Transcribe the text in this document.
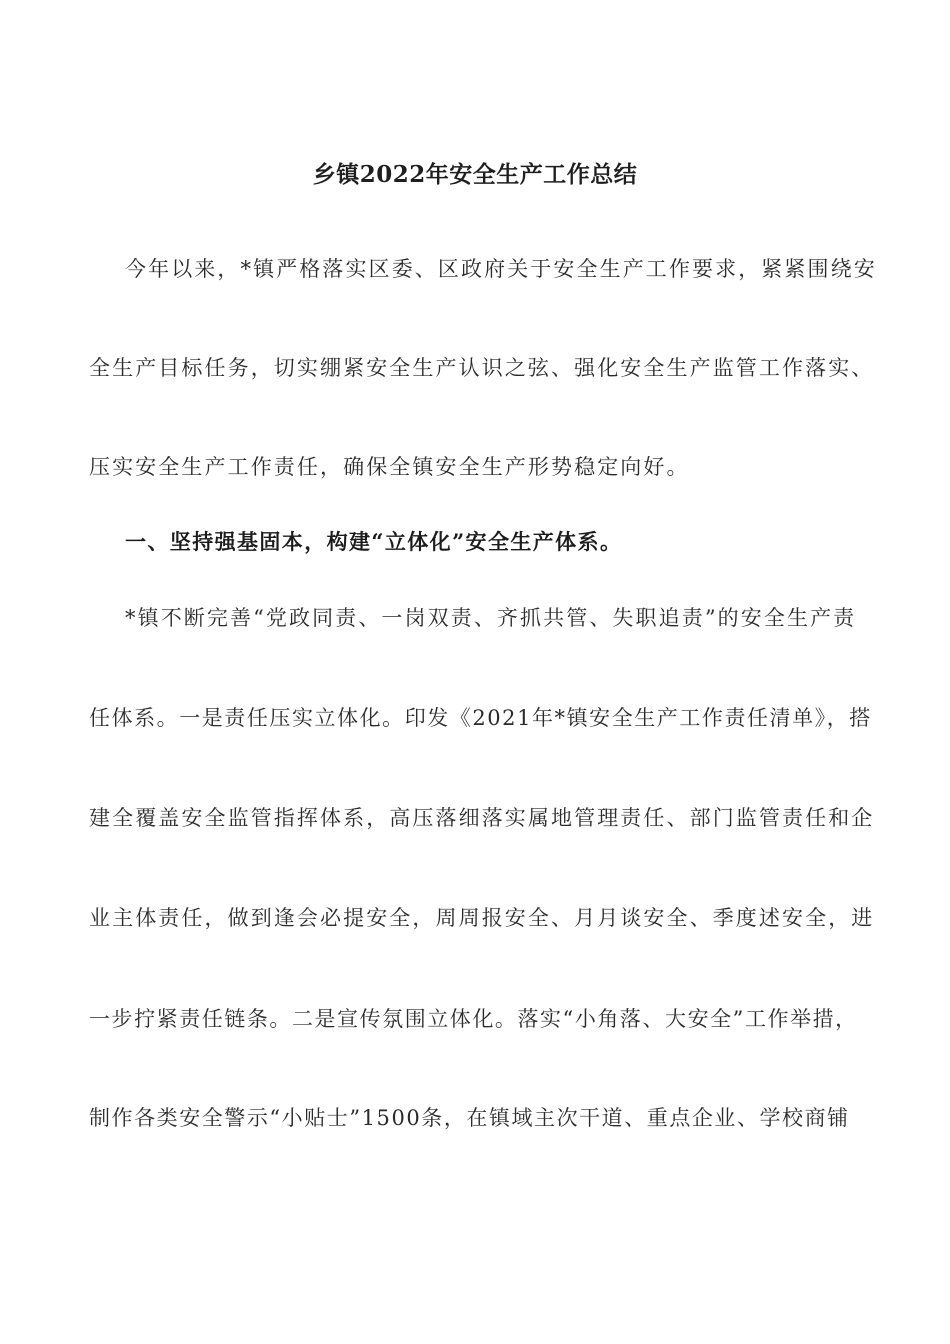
乡镇2022年安全生产工作总结
今年以来，*镇严格落实区委、区政府关于安全生产工作要求，紧紧围绕安
全生产目标任务，切实绷紧安全生产认识之弦、强化安全生产监管工作落实、
压实安全生产工作责任，确保全镇安全生产形势稳定向好。
一、坚持强基固本，构建“立体化”安全生产体系。
*镇不断完善“党政同责、一岗双责、齐抓共管、失职追责”的安全生产责
任体系。一是责任压实立体化。印发《2021年*镇安全生产工作责任清单》，搭
建全覆盖安全监管指挥体系，高压落细落实属地管理责任、部门监管责任和企
业主体责任，做到逢会必提安全，周周报安全、月月谈安全、季度述安全，进
一步拧紧责任链条。二是宣传氛围立体化。落实“小角落、大安全”工作举措，
制作各类安全警示“小贴士”1500条，在镇域主次干道、重点企业、学校商铺
